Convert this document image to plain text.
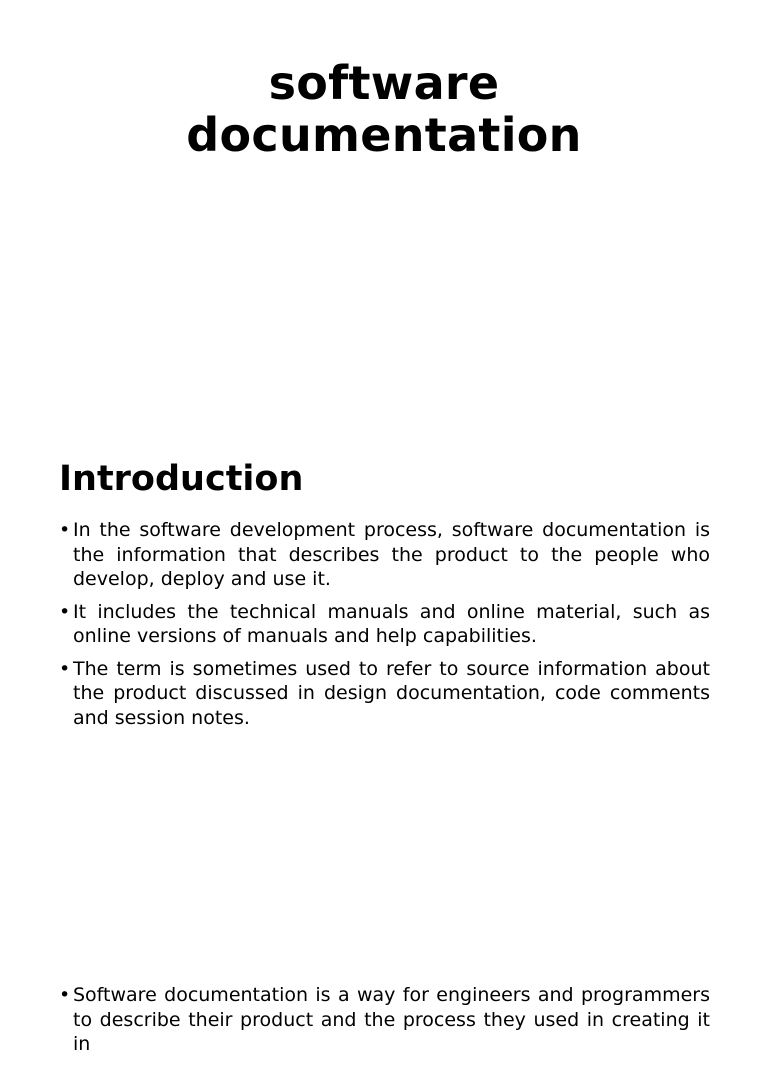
software
documentation
Introduction
• In the software development process, software documentation is the information that describes the product to the people who develop, deploy and use it.
• It includes the technical manuals and online material, such as online versions of manuals and help capabilities.
• The term is sometimes used to refer to source information about the product discussed in design documentation, code comments and session notes.
• Software documentation is a way for engineers and programmers to describe their product and the process they used in creating it in
